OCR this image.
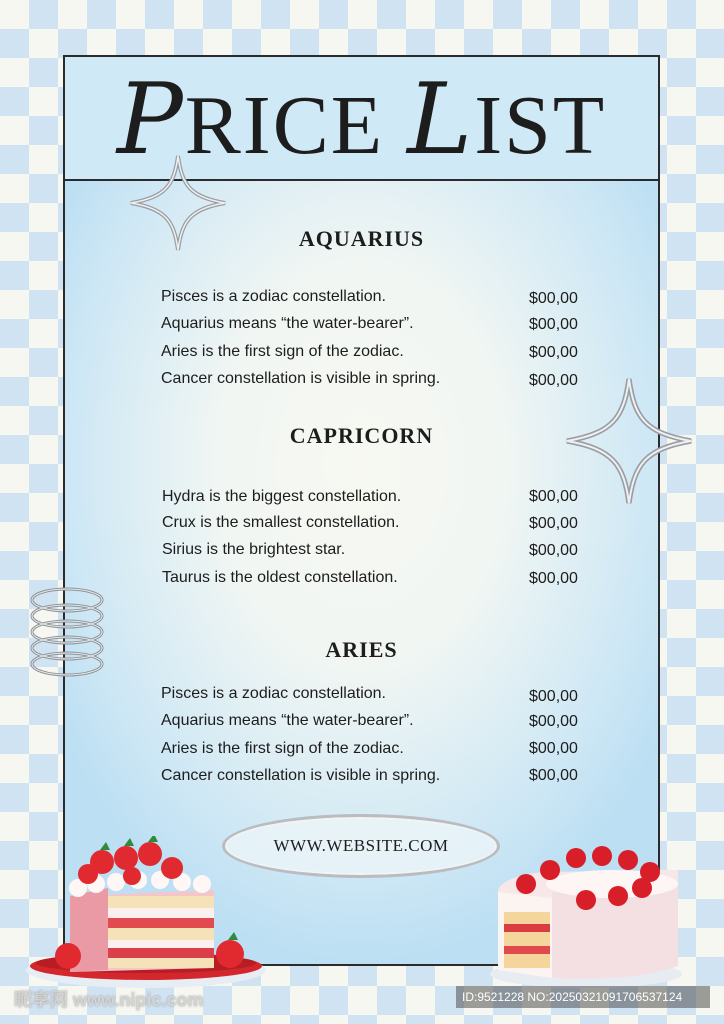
PRICE LIST
AQUARIUS
CAPRICORN
ARIES
Pisces is a zodiac constellation.	$00,00
Aquarius means “the water-bearer”.	$00,00
Aries is the first sign of the zodiac.	$00,00
Cancer constellation is visible in spring.	$00,00
Hydra is the biggest constellation.	$00,00
Crux is the smallest constellation.	$00,00
Sirius is the brightest star.	$00,00
Taurus is the oldest constellation.	$00,00
Pisces is a zodiac constellation.	$00,00
Aquarius means “the water-bearer”.	$00,00
Aries is the first sign of the zodiac.	$00,00
Cancer constellation is visible in spring.	$00,00
WWW.WEBSITE.COM
昵享网 www.nipic.com	ID:9521228 NO:20250321091706537124
